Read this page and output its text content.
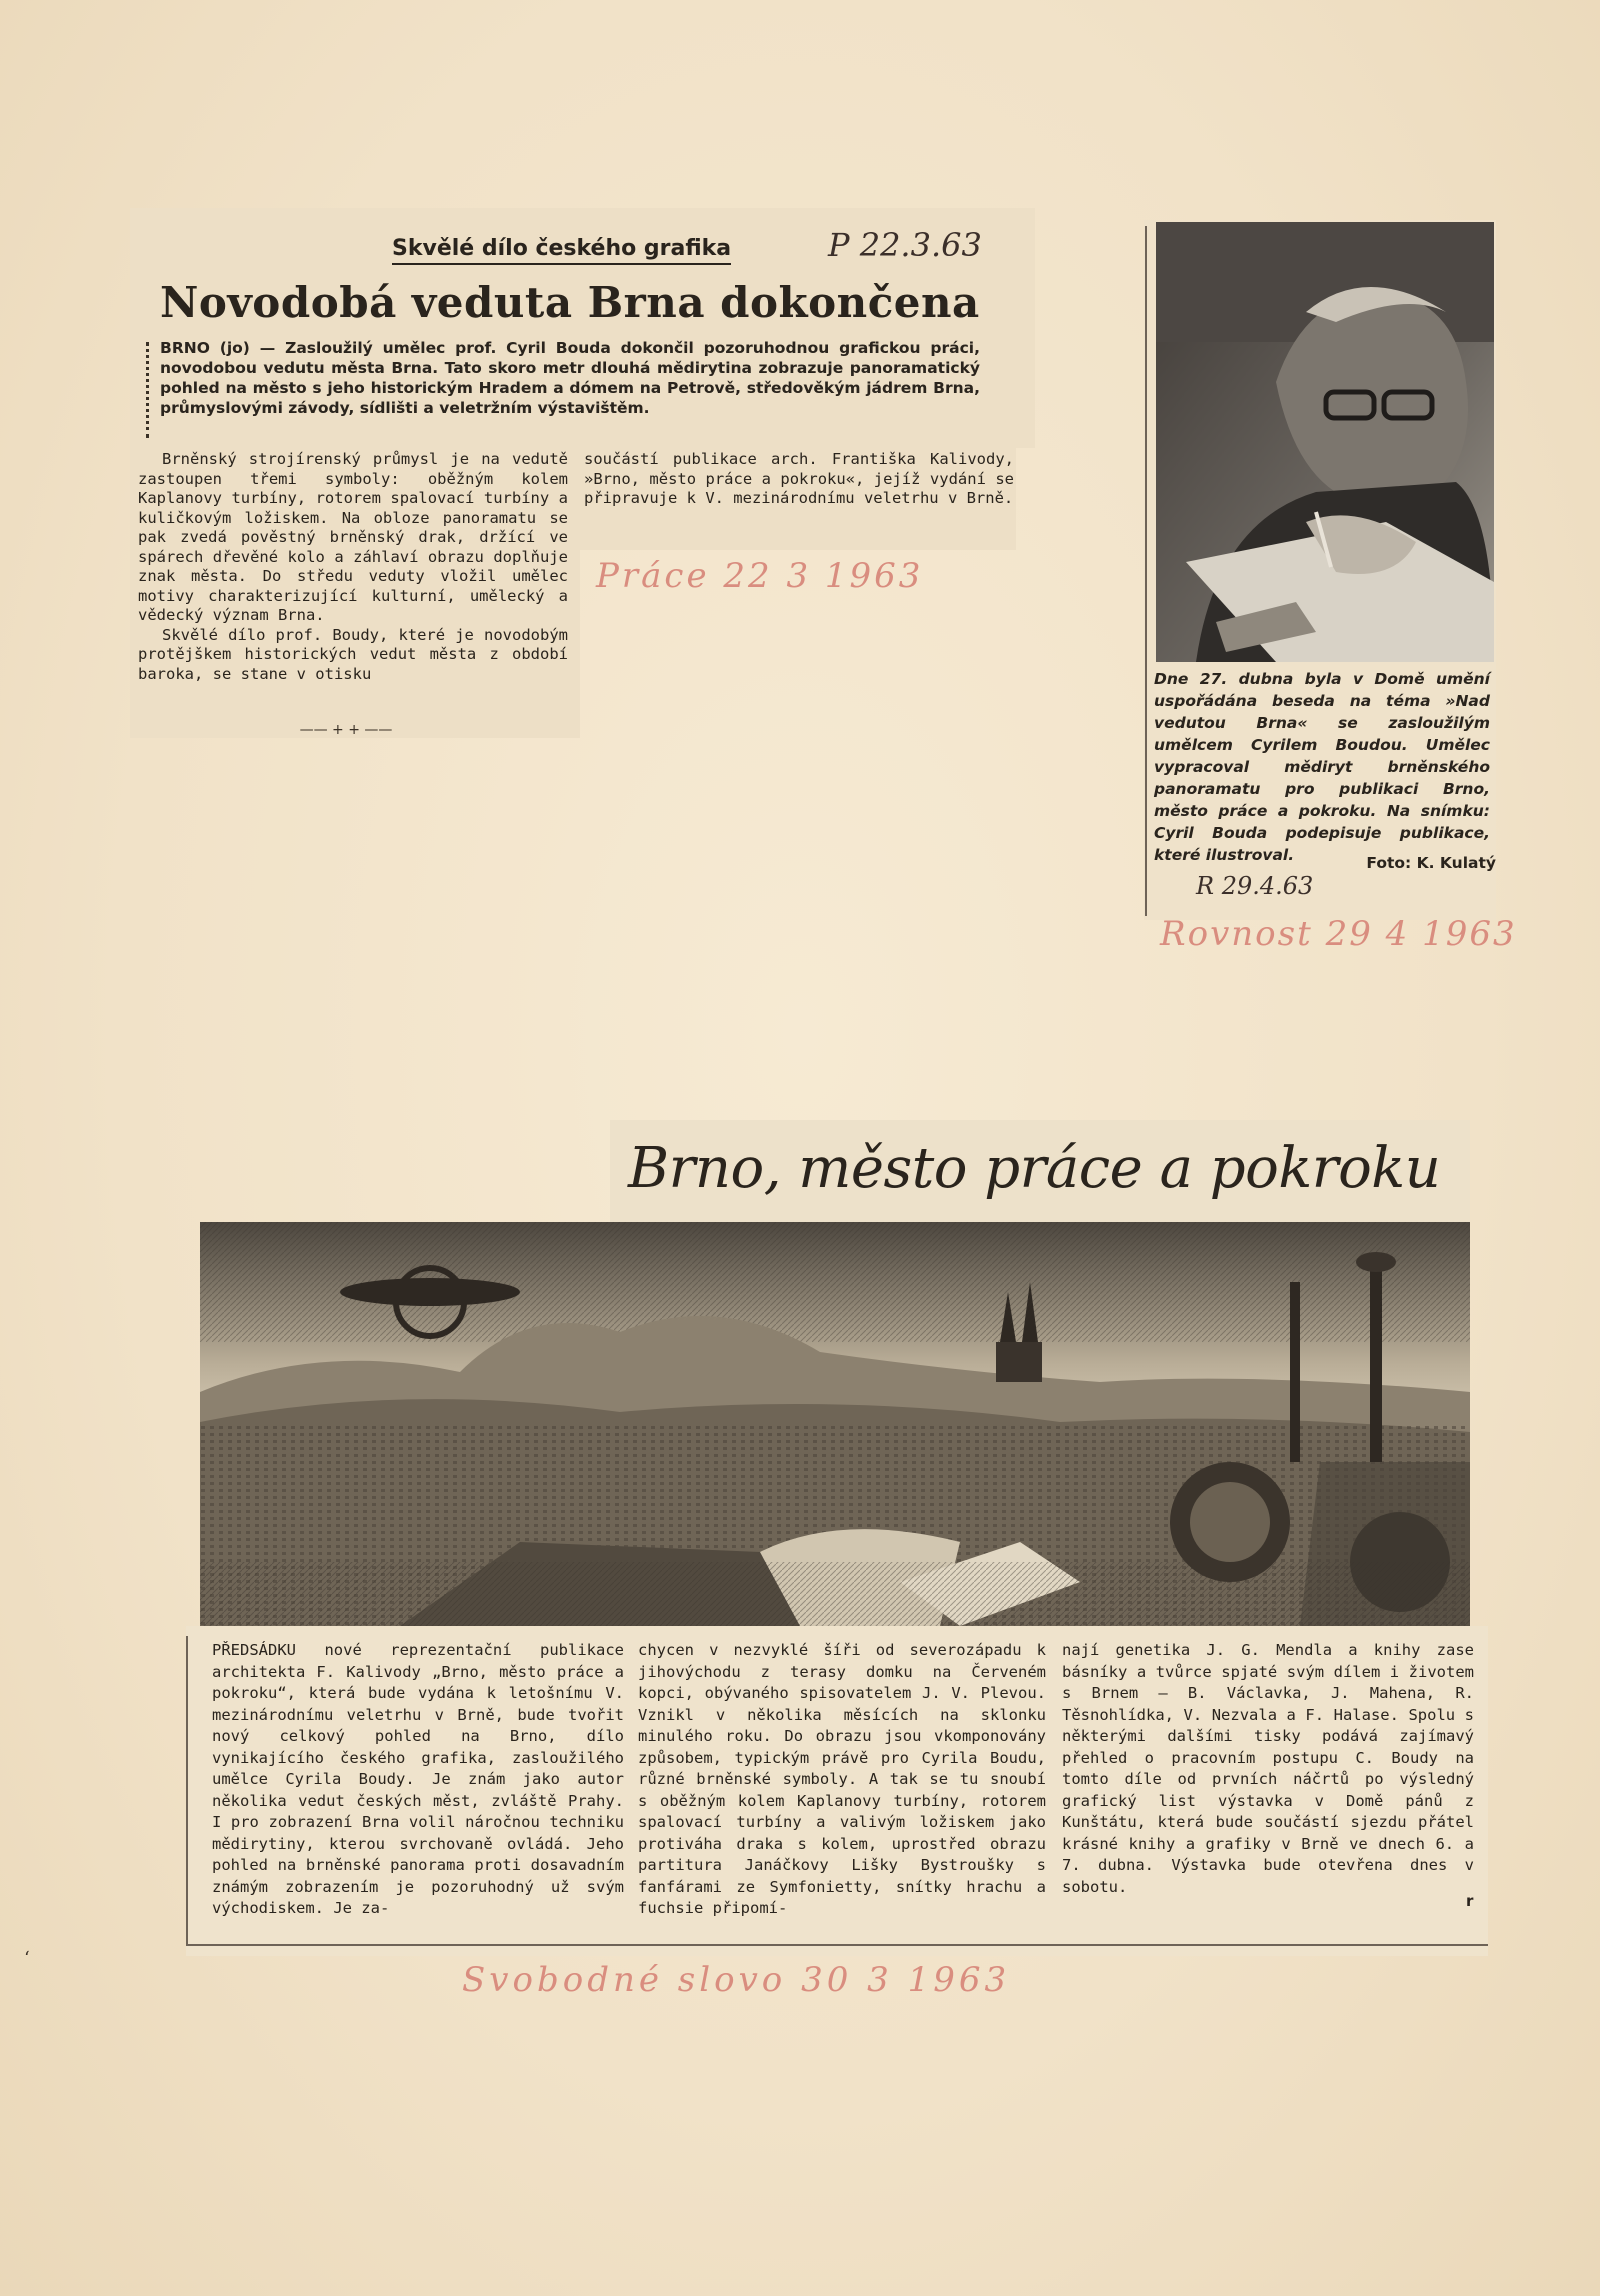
Skvělé dílo českého grafika
Novodobá veduta Brna dokončena
BRNO (jo) — Zasloužilý umělec prof. Cyril Bouda dokončil pozoruhodnou grafickou práci, novodobou vedutu města Brna. Tato skoro metr dlouhá mědirytina zobrazuje panoramatický pohled na město s jeho historickým Hradem a dómem na Petrově, středověkým jádrem Brna, průmyslovými závody, sídlišti a veletržním výstavištěm.

Brněnský strojírenský průmysl je na vedutě zastoupen třemi symboly: oběžným kolem Kaplanovy turbíny, rotorem spalovací turbíny a kuličkovým ložiskem. Na obloze panoramatu se pak zvedá pověstný brněnský drak, držící ve spárech dřevěné kolo a záhlaví obrazu doplňuje znak města. Do středu veduty vložil umělec motivy charakterizující kulturní, umělecký a vědecký význam Brna.

Skvělé dílo prof. Boudy, které je novodobým protějškem historických vedut města z období baroka, se stane v otisku

součástí publikace arch. Františka Kalivody, »Brno, město práce a pokroku«, jejíž vydání se připravuje k V. mezinárodnímu veletrhu v Brně.

—— + + ——
P 22.3.63
Práce 22 3 1963
Dne 27. dubna byla v Domě umění uspořádána beseda na téma »Nad vedutou Brna« se zasloužilým umělcem Cyrilem Boudou. Umělec vypracoval mědiryt brněnského panoramatu pro publikaci Brno, město práce a pokroku. Na snímku: Cyril Bouda podepisuje publikace, které ilustroval.	Foto: K. Kulatý
R 29.4.63
Rovnost 29 4 1963
Brno, město práce a pokroku
PŘEDSÁDKU nové reprezentační publikace architekta F. Kalivody „Brno, město práce a pokroku“, která bude vydána k letošnímu V. mezinárodnímu veletrhu v Brně, bude tvořit nový celkový pohled na Brno, dílo vynikajícího českého grafika, zasloužilého umělce Cyrila Boudy. Je znám jako autor několika vedut českých měst, zvláště Prahy. I pro zobrazení Brna volil náročnou techniku mědirytiny, kterou svrchovaně ovládá. Jeho pohled na brněnské panorama proti dosavadním známým zobrazením je pozoruhodný už svým východiskem. Je za-
chycen v nezvyklé šíři od severozápadu k jihovýchodu z terasy domku na Červeném kopci, obývaného spisovatelem J. V. Plevou. Vznikl v několika měsících na sklonku minulého roku. Do obrazu jsou vkomponovány způsobem, typickým právě pro Cyrila Boudu, různé brněnské symboly. A tak se tu snoubí s oběžným kolem Kaplanovy turbíny, rotorem spalovací turbíny a valivým ložiskem jako protiváha draka s kolem, uprostřed obrazu partitura Janáčkovy Lišky Bystroušky s fanfárami ze Symfonietty, snítky hrachu a fuchsie připomí-
nají genetika J. G. Mendla a knihy zase básníky a tvůrce spjaté svým dílem i životem s Brnem — B. Václavka, J. Mahena, R. Těsnohlídka, V. Nezvala a F. Halase. Spolu s některými dalšími tisky podává zajímavý přehled o pracovním postupu C. Boudy na tomto díle od prvních náčrtů po výsledný grafický list výstavka v Domě pánů z Kunštátu, která bude součástí sjezdu přátel krásné knihy a grafiky v Brně ve dnech 6. a 7. dubna. Výstavka bude otevřena dnes v sobotu.
r
Svobodné slovo 30 3 1963
ʻ
